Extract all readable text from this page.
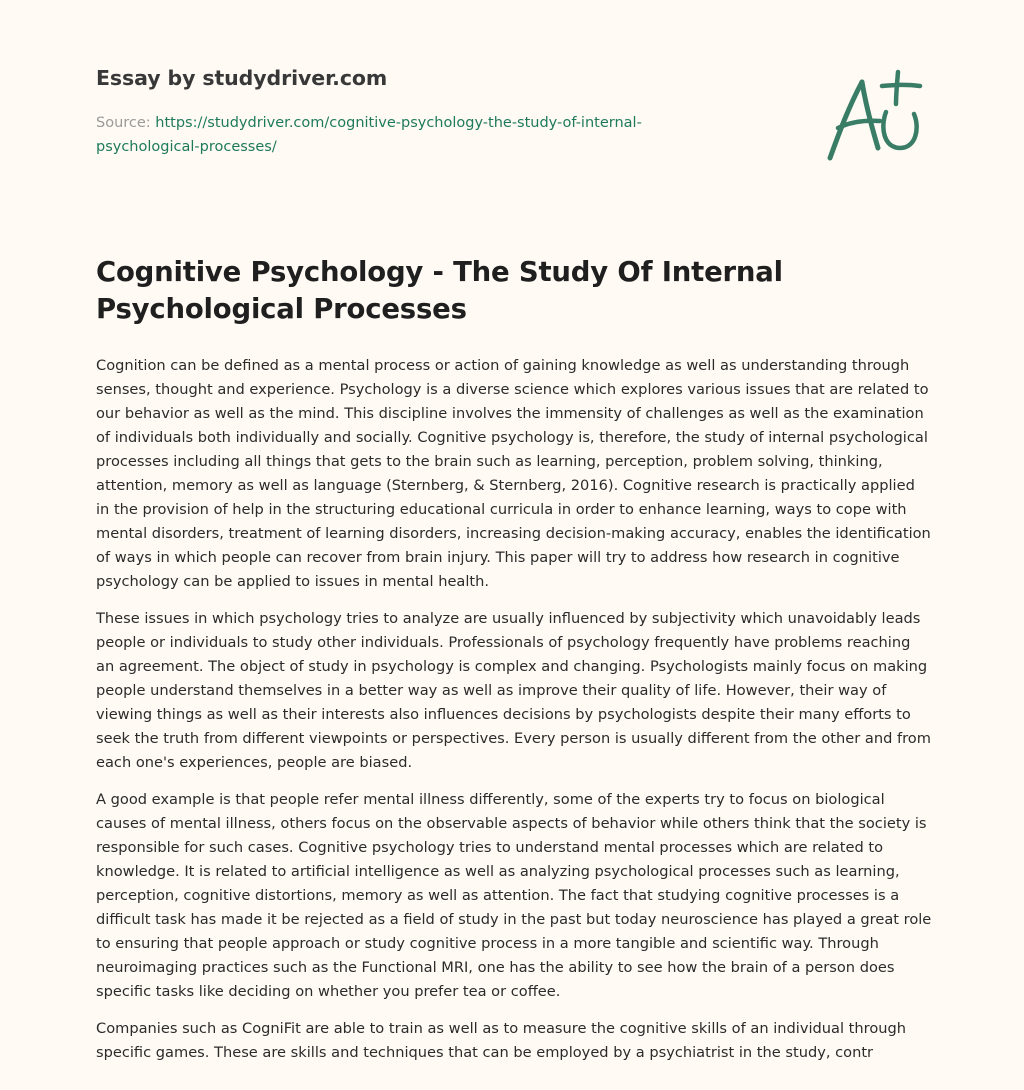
Essay by studydriver.com
Source: https://studydriver.com/cognitive-psychology-the-study-of-internal-
psychological-processes/
Cognitive Psychology - The Study Of Internal Psychological Processes

Cognition can be defined as a mental process or action of gaining knowledge as well as understanding through senses, thought and experience. Psychology is a diverse science which explores various issues that are related to our behavior as well as the mind. This discipline involves the immensity of challenges as well as the examination of individuals both individually and socially. Cognitive psychology is, therefore, the study of internal psychological processes including all things that gets to the brain such as learning, perception, problem solving, thinking, attention, memory as well as language (Sternberg, & Sternberg, 2016). Cognitive research is practically applied in the provision of help in the structuring educational curricula in order to enhance learning, ways to cope with mental disorders, treatment of learning disorders, increasing decision-making accuracy, enables the identification of ways in which people can recover from brain injury. This paper will try to address how research in cognitive psychology can be applied to issues in mental health.

These issues in which psychology tries to analyze are usually influenced by subjectivity which unavoidably leads people or individuals to study other individuals. Professionals of psychology frequently have problems reaching an agreement. The object of study in psychology is complex and changing. Psychologists mainly focus on making people understand themselves in a better way as well as improve their quality of life. However, their way of viewing things as well as their interests also influences decisions by psychologists despite their many efforts to seek the truth from different viewpoints or perspectives. Every person is usually different from the other and from each one's experiences, people are biased.

A good example is that people refer mental illness differently, some of the experts try to focus on biological causes of mental illness, others focus on the observable aspects of behavior while others think that the society is responsible for such cases. Cognitive psychology tries to understand mental processes which are related to knowledge. It is related to artificial intelligence as well as analyzing psychological processes such as learning, perception, cognitive distortions, memory as well as attention. The fact that studying cognitive processes is a difficult task has made it be rejected as a field of study in the past but today neuroscience has played a great role to ensuring that people approach or study cognitive process in a more tangible and scientific way. Through neuroimaging practices such as the Functional MRI, one has the ability to see how the brain of a person does specific tasks like deciding on whether you prefer tea or coffee.

Companies such as CogniFit are able to train as well as to measure the cognitive skills of an individual through specific games. These are skills and techniques that can be employed by a psychiatrist in the study, contr
